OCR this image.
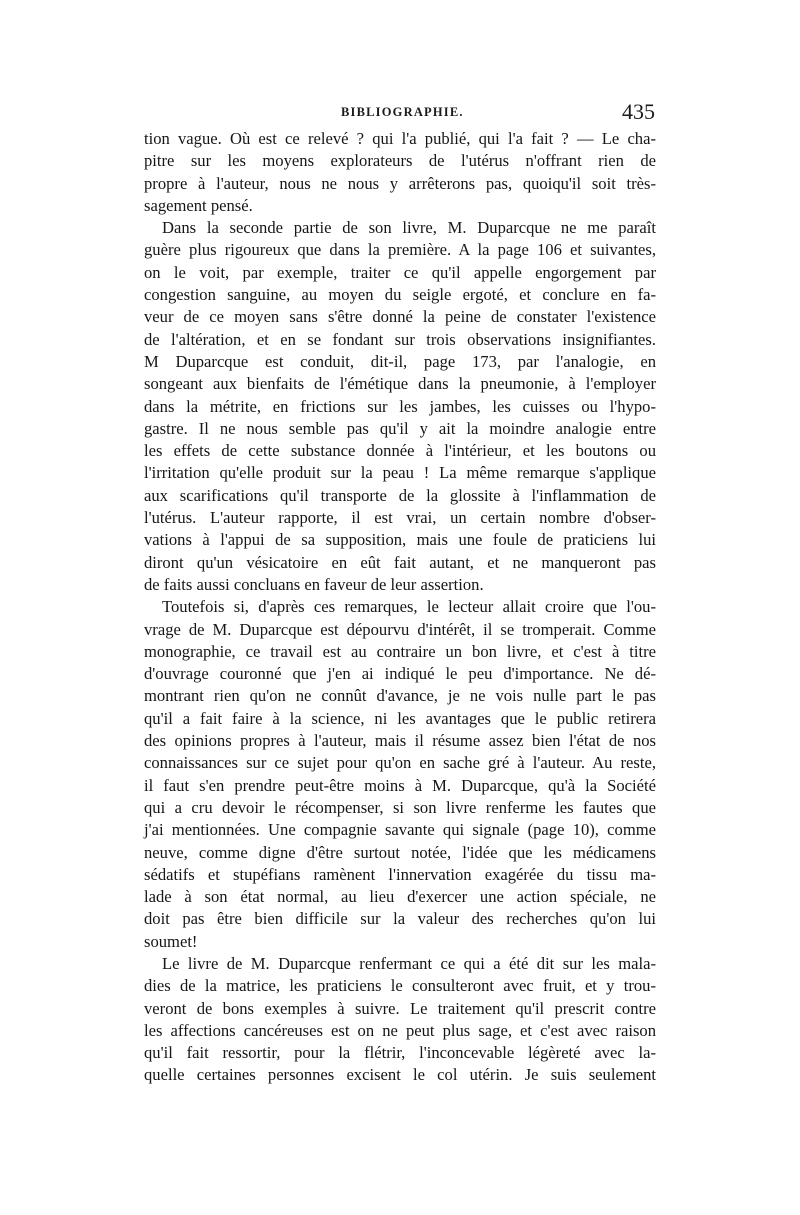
BIBLIOGRAPHIE.	435
tion vague. Où est ce relevé ? qui l'a publié, qui l'a fait ? — Le cha-
pitre sur les moyens explorateurs de l'utérus n'offrant rien de
propre à l'auteur, nous ne nous y arrêterons pas, quoiqu'il soit très-
sagement pensé.
Dans la seconde partie de son livre, M. Duparcque ne me paraît
guère plus rigoureux que dans la première. A la page 106 et suivantes,
on le voit, par exemple, traiter ce qu'il appelle engorgement par
congestion sanguine, au moyen du seigle ergoté, et conclure en fa-
veur de ce moyen sans s'être donné la peine de constater l'existence
de l'altération, et en se fondant sur trois observations insignifiantes.
M Duparcque est conduit, dit-il, page 173, par l'analogie, en
songeant aux bienfaits de l'émétique dans la pneumonie, à l'employer
dans la métrite, en frictions sur les jambes, les cuisses ou l'hypo-
gastre. Il ne nous semble pas qu'il y ait la moindre analogie entre
les effets de cette substance donnée à l'intérieur, et les boutons ou
l'irritation qu'elle produit sur la peau ! La même remarque s'applique
aux scarifications qu'il transporte de la glossite à l'inflammation de
l'utérus. L'auteur rapporte, il est vrai, un certain nombre d'obser-
vations à l'appui de sa supposition, mais une foule de praticiens lui
diront qu'un vésicatoire en eût fait autant, et ne manqueront pas
de faits aussi concluans en faveur de leur assertion.
Toutefois si, d'après ces remarques, le lecteur allait croire que l'ou-
vrage de M. Duparcque est dépourvu d'intérêt, il se tromperait. Comme
monographie, ce travail est au contraire un bon livre, et c'est à titre
d'ouvrage couronné que j'en ai indiqué le peu d'importance. Ne dé-
montrant rien qu'on ne connût d'avance, je ne vois nulle part le pas
qu'il a fait faire à la science, ni les avantages que le public retirera
des opinions propres à l'auteur, mais il résume assez bien l'état de nos
connaissances sur ce sujet pour qu'on en sache gré à l'auteur. Au reste,
il faut s'en prendre peut-être moins à M. Duparcque, qu'à la Société
qui a cru devoir le récompenser, si son livre renferme les fautes que
j'ai mentionnées. Une compagnie savante qui signale (page 10), comme
neuve, comme digne d'être surtout notée, l'idée que les médicamens
sédatifs et stupéfians ramènent l'innervation exagérée du tissu ma-
lade à son état normal, au lieu d'exercer une action spéciale, ne
doit pas être bien difficile sur la valeur des recherches qu'on lui
soumet!
Le livre de M. Duparcque renfermant ce qui a été dit sur les mala-
dies de la matrice, les praticiens le consulteront avec fruit, et y trou-
veront de bons exemples à suivre. Le traitement qu'il prescrit contre
les affections cancéreuses est on ne peut plus sage, et c'est avec raison
qu'il fait ressortir, pour la flétrir, l'inconcevable légèreté avec la-
quelle certaines personnes excisent le col utérin. Je suis seulement
